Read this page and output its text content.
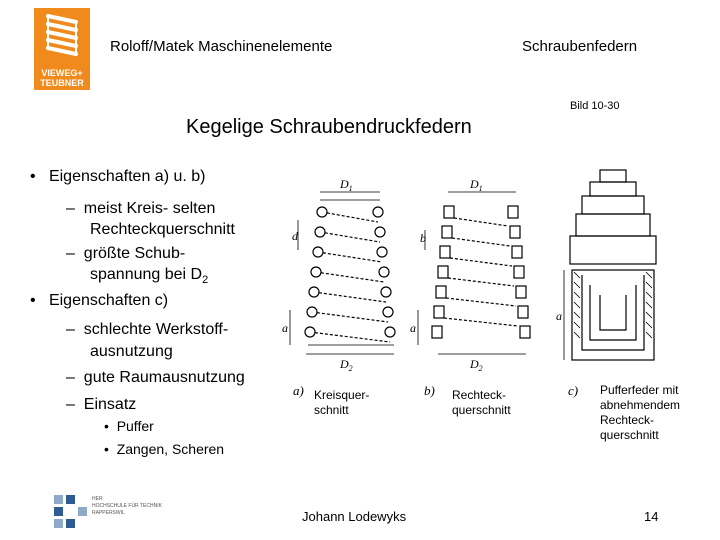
VIEWEG+
TEUBNER
Roloff/Matek Maschinenelemente	Schraubenfedern
Bild 10-30
Kegelige Schraubendruckfedern
•   Eigenschaften a) u. b)
–  meist Kreis- selten
Rechteckquerschnitt
–  größte Schub-
spannung bei $D_2$
•   Eigenschaften c)
–  schlechte Werkstoff-
ausnutzung
–  gute Raumausnutzung
–  Einsatz
•  Puffer
•  Zangen, Scheren
$D_1$
$D_2$
$D_1$
$D_2$
d	b
a	a
a
a) Kreisquer-
schnitt
b) Rechteck-
querschnitt
c) Pufferfeder mit
abnehmendem
Rechteck-
querschnitt
HER
HOCHSCHULE FÜR TECHNIK
RAPPERSWIL	Johann Lodewyks	14
